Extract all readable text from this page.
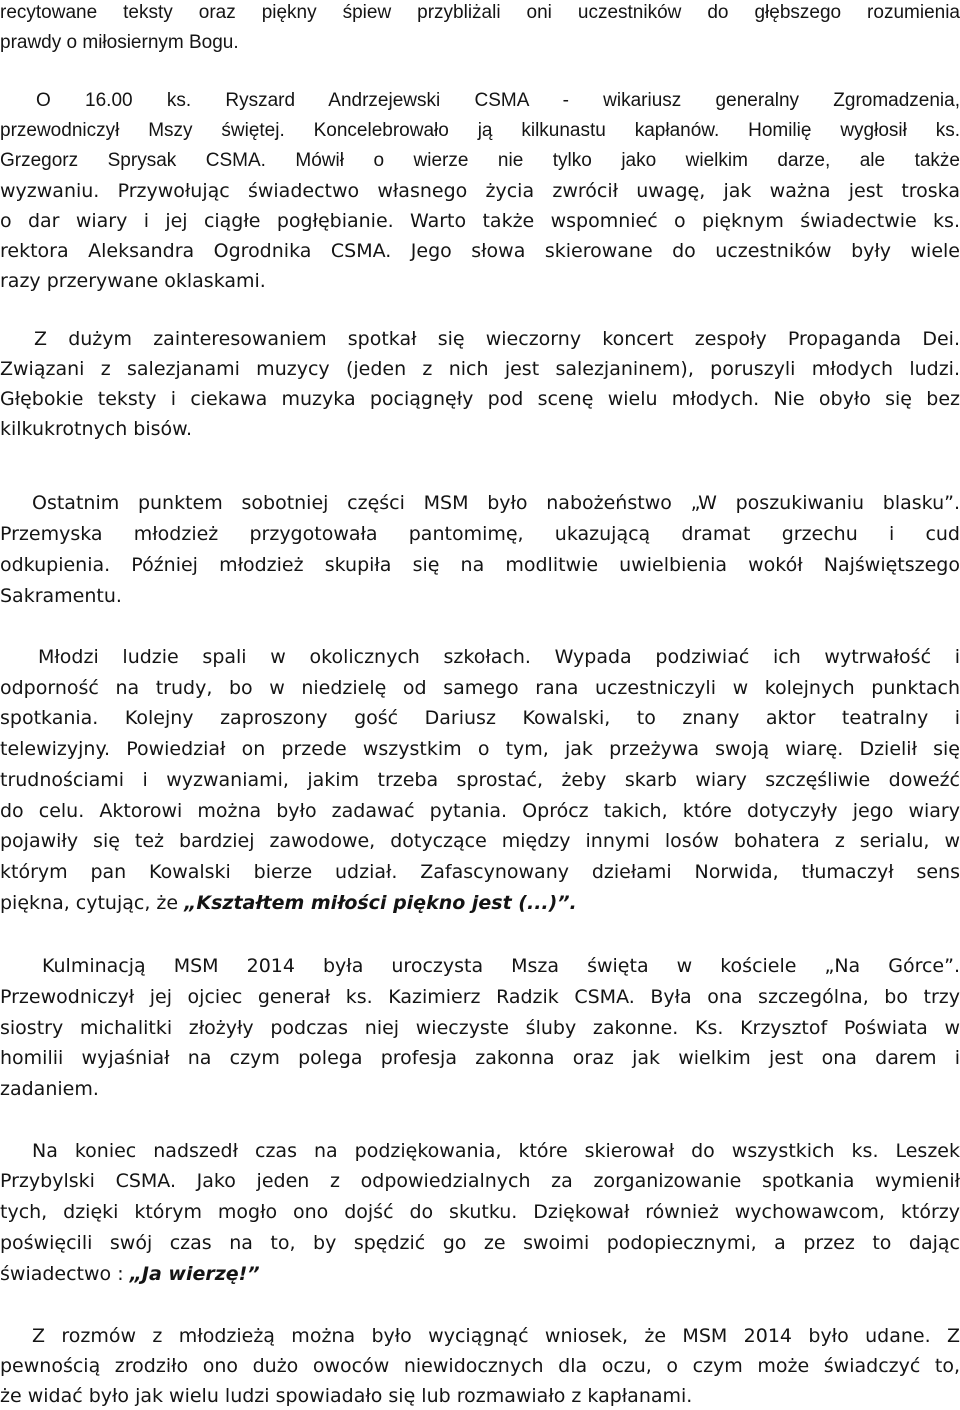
recytowane teksty oraz piękny śpiew przybliżali oni uczestników do głębszego rozumienia
prawdy o miłosiernym Bogu.
O 16.00 ks. Ryszard Andrzejewski CSMA - wikariusz generalny Zgromadzenia,
przewodniczył Mszy świętej. Koncelebrowało ją kilkunastu kapłanów. Homilię wygłosił ks.
Grzegorz Sprysak CSMA. Mówił o wierze nie tylko jako wielkim darze, ale także
wyzwaniu. Przywołując świadectwo własnego życia zwrócił uwagę, jak ważna jest troska
o dar wiary i jej ciągłe pogłębianie. Warto także wspomnieć o pięknym świadectwie ks.
rektora Aleksandra Ogrodnika CSMA. Jego słowa skierowane do uczestników były wiele
razy przerywane oklaskami.
Z dużym zainteresowaniem spotkał się wieczorny koncert zespoły Propaganda Dei.
Związani z salezjanami muzycy (jeden z nich jest salezjaninem), poruszyli młodych ludzi.
Głębokie teksty i ciekawa muzyka pociągnęły pod scenę wielu młodych. Nie obyło się bez
kilkukrotnych bisów.
Ostatnim punktem sobotniej części MSM było nabożeństwo „W poszukiwaniu blasku”.
Przemyska młodzież przygotowała pantomimę, ukazującą dramat grzechu i cud
odkupienia. Później młodzież skupiła się na modlitwie uwielbienia wokół Najświętszego
Sakramentu.
Młodzi ludzie spali w okolicznych szkołach. Wypada podziwiać ich wytrwałość i
odporność na trudy, bo w niedzielę od samego rana uczestniczyli w kolejnych punktach
spotkania. Kolejny zaproszony gość Dariusz Kowalski, to znany aktor teatralny i
telewizyjny. Powiedział on przede wszystkim o tym, jak przeżywa swoją wiarę. Dzielił się
trudnościami i wyzwaniami, jakim trzeba sprostać, żeby skarb wiary szczęśliwie doweźć
do celu. Aktorowi można było zadawać pytania. Oprócz takich, które dotyczyły jego wiary
pojawiły się też bardziej zawodowe, dotyczące między innymi losów bohatera z serialu, w
którym pan Kowalski bierze udział. Zafascynowany dziełami Norwida, tłumaczył sens
piękna, cytując, że „Kształtem miłości piękno jest (...)”.
Kulminacją MSM 2014 była uroczysta Msza święta w kościele „Na Górce”.
Przewodniczył jej ojciec generał ks. Kazimierz Radzik CSMA. Była ona szczególna, bo trzy
siostry michalitki złożyły podczas niej wieczyste śluby zakonne. Ks. Krzysztof Poświata w
homilii wyjaśniał na czym polega profesja zakonna oraz jak wielkim jest ona darem i
zadaniem.
Na koniec nadszedł czas na podziękowania, które skierował do wszystkich ks. Leszek
Przybylski CSMA. Jako jeden z odpowiedzialnych za zorganizowanie spotkania wymienił
tych, dzięki którym mogło ono dojść do skutku. Dziękował również wychowawcom, którzy
poświęcili swój czas na to, by spędzić go ze swoimi podopiecznymi, a przez to dając
świadectwo : „Ja wierzę!”
Z rozmów z młodzieżą można było wyciągnąć wniosek, że MSM 2014 było udane. Z
pewnością zrodziło ono dużo owoców niewidocznych dla oczu, o czym może świadczyć to,
że widać było jak wielu ludzi spowiadało się lub rozmawiało z kapłanami.
